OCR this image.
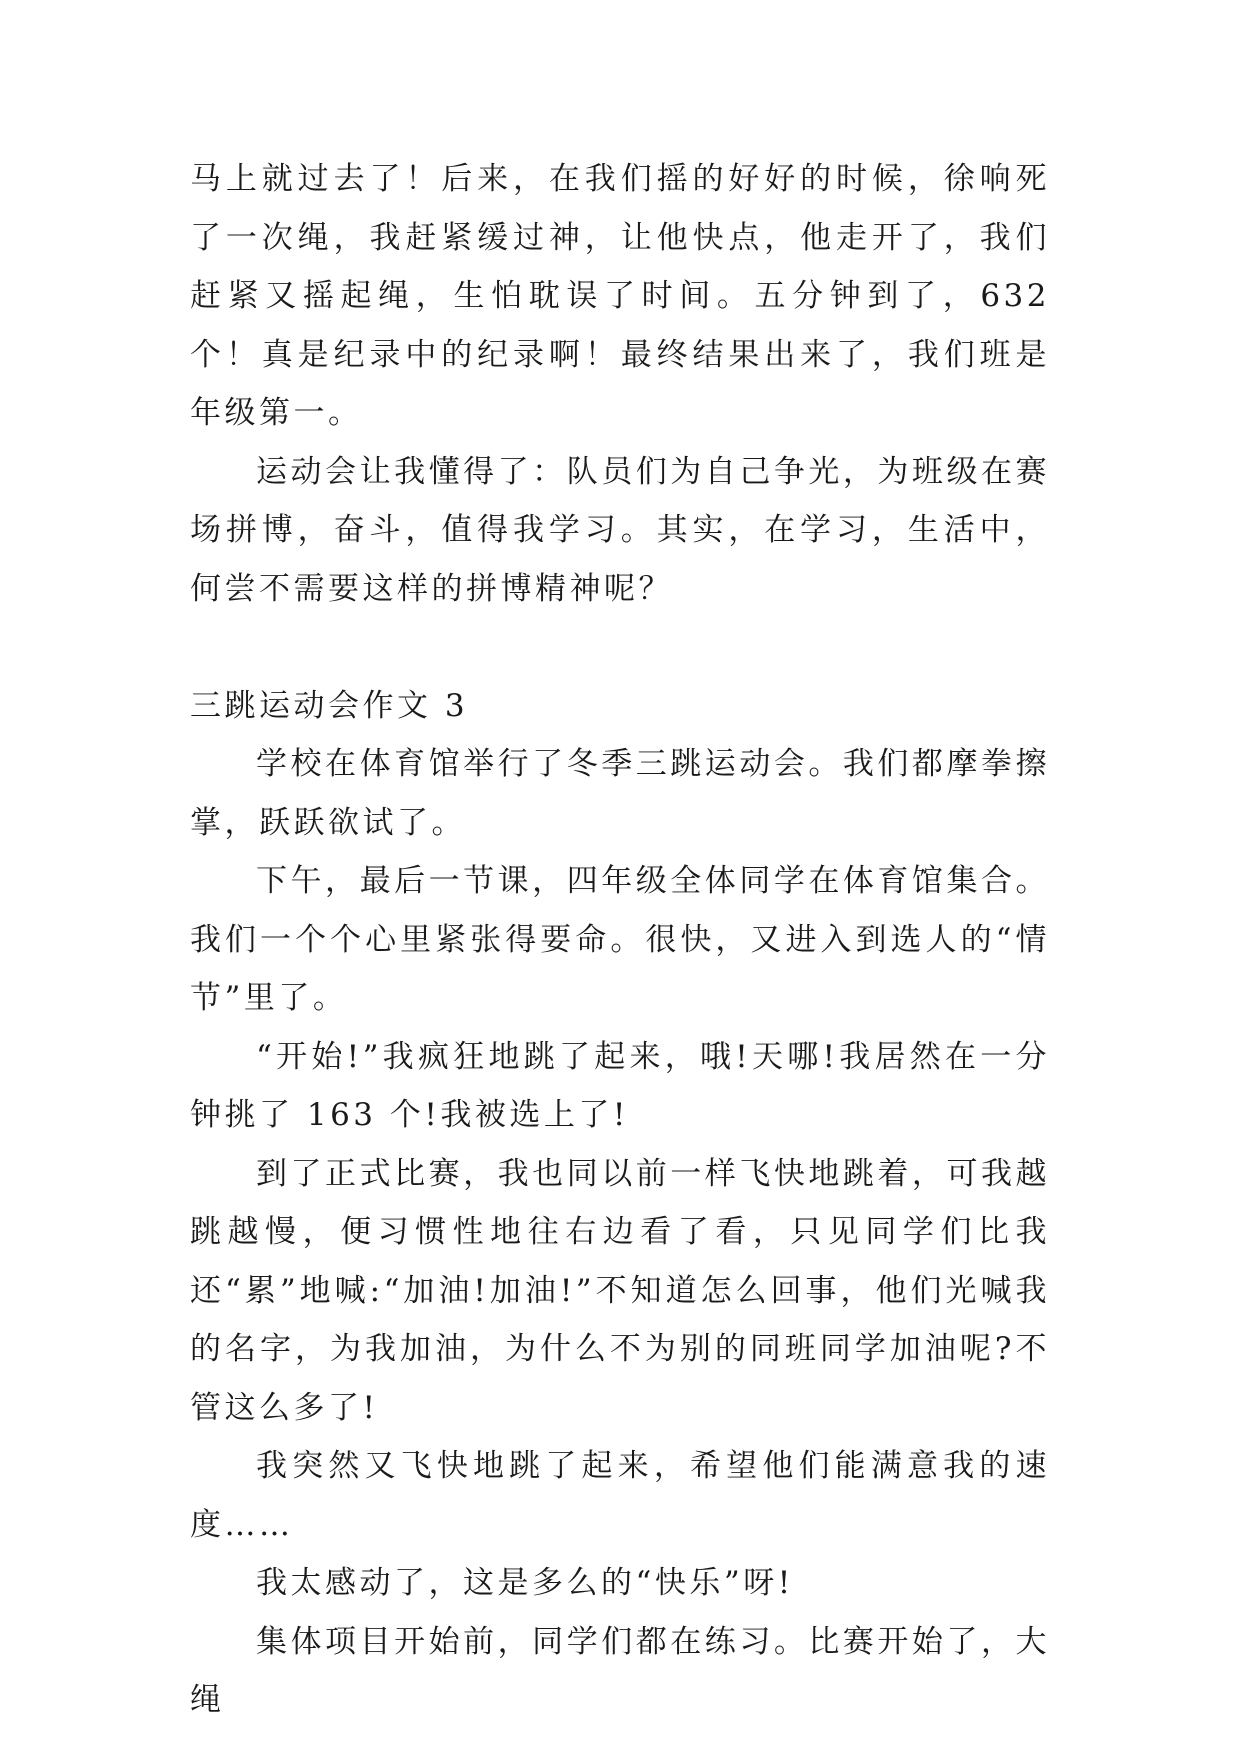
马上就过去了！后来，在我们摇的好好的时候，徐响死了一次绳，我赶紧缓过神，让他快点，他走开了，我们赶紧又摇起绳，生怕耽误了时间。五分钟到了，632个！真是纪录中的纪录啊！最终结果出来了，我们班是年级第一。

运动会让我懂得了：队员们为自己争光，为班级在赛场拼博，奋斗，值得我学习。其实，在学习，生活中，何尝不需要这样的拼博精神呢？

三跳运动会作文 3

学校在体育馆举行了冬季三跳运动会。我们都摩拳擦掌，跃跃欲试了。

下午，最后一节课，四年级全体同学在体育馆集合。我们一个个心里紧张得要命。很快，又进入到选人的“情节”里了。

“开始!”我疯狂地跳了起来，哦!天哪!我居然在一分钟挑了 163 个!我被选上了!

到了正式比赛，我也同以前一样飞快地跳着，可我越跳越慢，便习惯性地往右边看了看，只见同学们比我还“累”地喊:“加油!加油!”不知道怎么回事，他们光喊我的名字，为我加油，为什么不为别的同班同学加油呢?不管这么多了!

我突然又飞快地跳了起来，希望他们能满意我的速度……

我太感动了，这是多么的“快乐”呀!

集体项目开始前，同学们都在练习。比赛开始了，大绳
